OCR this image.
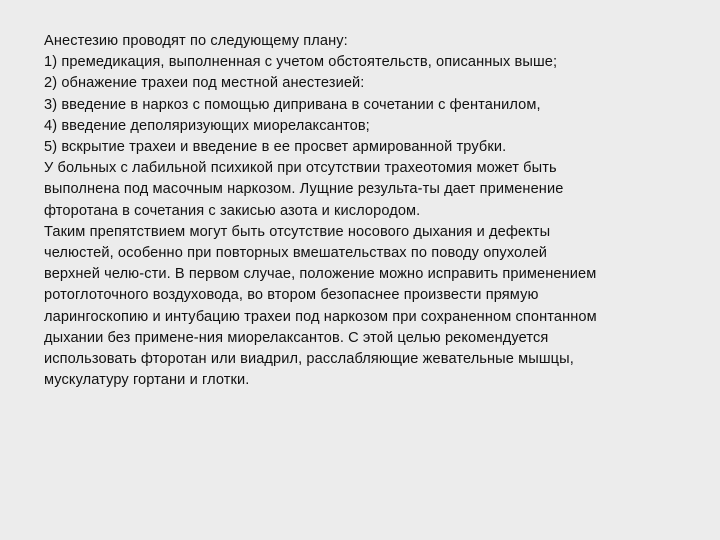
Анестезию проводят по следующему плану:
1) премедикация, выполненная с учетом обстоятельств, описанных выше;
2) обнажение трахеи под местной анестезией:
3) введение в наркоз с помощью диприванa в сочетании с фентанилом,
4) введение деполяризующих миорелаксантов;
5) вскрытие трахеи и введение в ее просвет армированной трубки.
У больных с лабильной психикой при отсутствии трахеотомия может быть
выполнена под масочным наркозом. Лущние результа-ты дает применение
фторотана в сочетания с закисью азота и кислородом.
Таким препятствием могут быть отсутствие носового дыхания и дефекты
челюстей, особенно при повторных вмешательствах по поводу опухолей
верхней челю-сти. В первом случае, положение можно исправить применением
ротоглоточного воздуховода, во втором безопаснее произвести прямую
ларингоскопию и интубацию трахеи под наркозом при сохраненном спонтанном
дыхании без примене-ния миорелаксантов. С этой целью рекомендуется
использовать фторотан или виадрил, расслабляющие жевательные мышцы,
мускулатуру гортани и глотки.
